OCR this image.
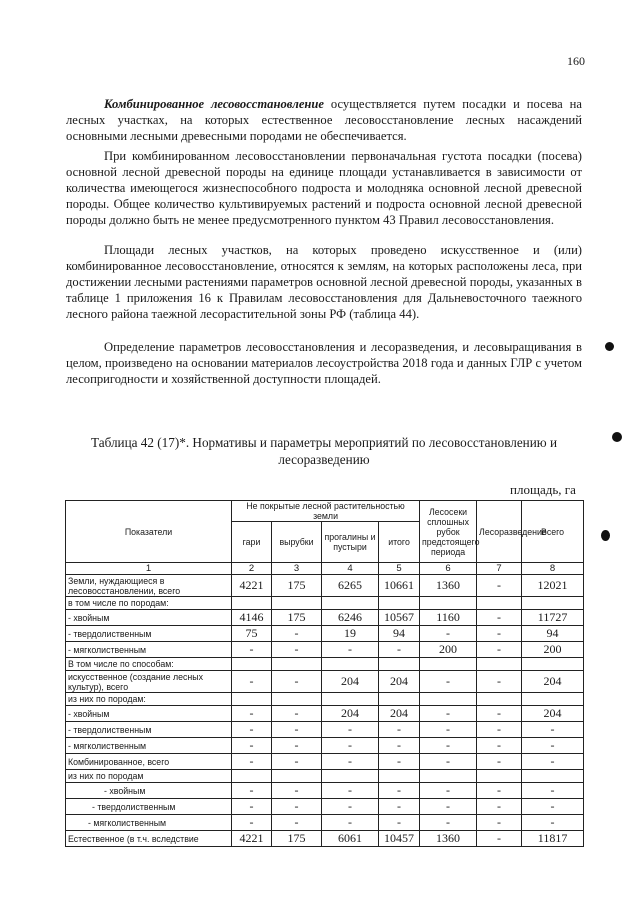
160

Комбинированное лесовосстановление осуществляется путем посадки и посева на лесных участках, на которых естественное лесовосстановление лесных насаждений основными лесными древесными породами не обеспечивается.

При комбинированном лесовосстановлении первоначальная густота посадки (посева) основной лесной древесной породы на единице площади устанавливается в зависимости от количества имеющегося жизнеспособного подроста и молодняка основной лесной древесной породы. Общее количество культивируемых растений и подроста основной лесной древесной породы должно быть не менее предусмотренного пунктом 43 Правил лесовосстановления.

Площади лесных участков, на которых проведено искусственное и (или) комбинированное лесовосстановление, относятся к землям, на которых расположены леса, при достижении лесными растениями параметров основной лесной древесной породы, указанных в таблице 1 приложения 16 к Правилам лесовосстановления для Дальневосточного таежного лесного района таежной лесорастительной зоны РФ (таблица 44).

Определение параметров лесовосстановления и лесоразведения, и лесовыращивания в целом, произведено на основании материалов лесоустройства 2018 года и данных ГЛР с учетом лесопригодности и хозяйственной доступности площадей.

Таблица 42 (17)*. Нормативы и параметры мероприятий по лесовосстановлению и лесоразведению
площадь, га
Показатели	Не покрытые лесной растительностью земли				Лесосеки сплошных рубок предстоящего периода	Лесоразведение	Всего
	гари	вырубки	прогалины и пустыри	итого			
1	2	3	4	5	6	7	8
Земли, нуждающиеся в лесовосстановлении, всего	4221	175	6265	10661	1360	-	12021
в том числе по породам:							
- хвойным	4146	175	6246	10567	1160	-	11727
- твердолиственным	75	-	19	94	-	-	94
- мягколиственным	-	-	-	-	200	-	200
В том числе по способам:							
искусственное (создание лесных культур), всего	-	-	204	204	-	-	204
из них по породам:							
- хвойным	-	-	204	204	-	-	204
- твердолиственным	-	-	-	-	-	-	-
- мягколиственным	-	-	-	-	-	-	-
Комбинированное, всего	-	-	-	-	-	-	-
из них по породам							
- хвойным	-	-	-	-	-	-	-
- твердолиственным	-	-	-	-	-	-	-
- мягколиственным	-	-	-	-	-	-	-
Естественное (в т.ч. вследствие	4221	175	6061	10457	1360	-	11817
